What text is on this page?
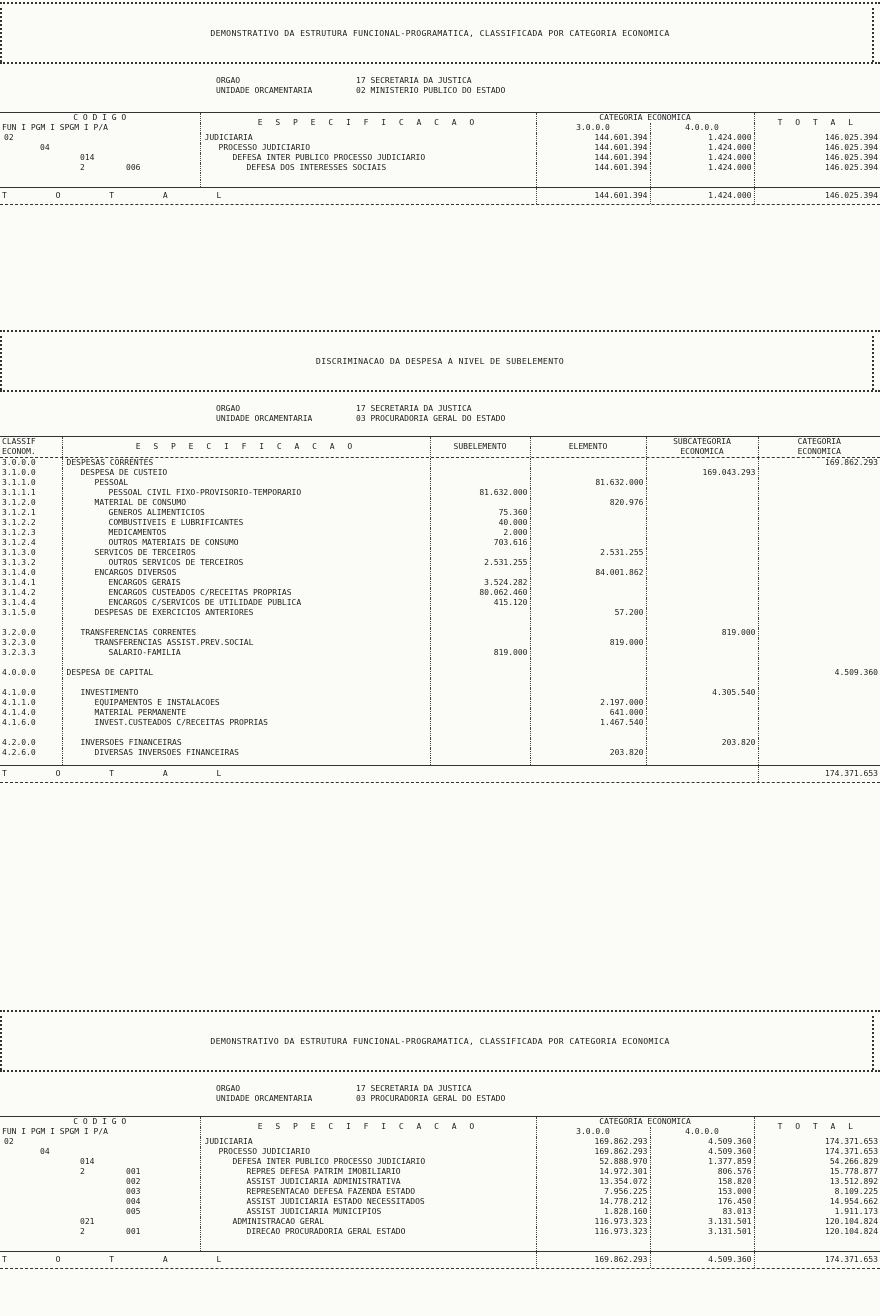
DEMONSTRATIVO DA ESTRUTURA FUNCIONAL-PROGRAMATICA, CLASSIFICADA POR CATEGORIA ECONOMICA
ORGAO
UNIDADE ORCAMENTARIA
17 SECRETARIA DA JUSTICA
02 MINISTERIO PUBLICO DO ESTADO
C O D I G O	E S P E C I F I C A C A O	CATEGORIA ECONOMICA		T O T A L
FUN I PGM I SPGM I P/A		3.0.0.0	4.0.0.0	

02	JUDICIARIA	144.601.394	1.424.000	146.025.394

04	PROCESSO JUDICIARIO	144.601.394	1.424.000	146.025.394

014	DEFESA INTER PUBLICO PROCESSO JUDICIARIO	144.601.394	1.424.000	146.025.394

2 006	DEFESA DOS INTERESSES SOCIAIS	144.601.394	1.424.000	146.025.394

T O T A L	144.601.394	1.424.000	146.025.394
DISCRIMINACAO DA DESPESA A NIVEL DE SUBELEMENTO
ORGAO
UNIDADE ORCAMENTARIA
17 SECRETARIA DA JUSTICA
03 PROCURADORIA GERAL DO ESTADO
CLASSIF	E S P E C I F I C A C A O	SUBELEMENTO	ELEMENTO	SUBCATEGORIA	CATEGORIA
ECONOM.				ECONOMICA	ECONOMICA
3.0.0.0	DESPESAS CORRENTES				169.862.293
3.1.0.0	DESPESA DE CUSTEIO			169.043.293	
3.1.1.0	PESSOAL		81.632.000		
3.1.1.1	PESSOAL CIVIL FIXO-PROVISORIO-TEMPORARIO	81.632.000			
3.1.2.0	MATERIAL DE CONSUMO		820.976		
3.1.2.1	GENEROS ALIMENTICIOS	75.360			
3.1.2.2	COMBUSTIVEIS E LUBRIFICANTES	40.000			
3.1.2.3	MEDICAMENTOS	2.000			
3.1.2.4	OUTROS MATERIAIS DE CONSUMO	703.616			
3.1.3.0	SERVICOS DE TERCEIROS		2.531.255		
3.1.3.2	OUTROS SERVICOS DE TERCEIROS	2.531.255			
3.1.4.0	ENCARGOS DIVERSOS		84.001.862		
3.1.4.1	ENCARGOS GERAIS	3.524.282			
3.1.4.2	ENCARGOS CUSTEADOS C/RECEITAS PROPRIAS	80.062.460			
3.1.4.4	ENCARGOS C/SERVICOS DE UTILIDADE PUBLICA	415.120			
3.1.5.0	DESPESAS DE EXERCICIOS ANTERIORES		57.200		

3.2.0.0	TRANSFERENCIAS CORRENTES			819.000	
3.2.3.0	TRANSFERENCIAS ASSIST.PREV.SOCIAL		819.000		
3.2.3.3	SALARIO-FAMILIA	819.000			

4.0.0.0	DESPESA DE CAPITAL				4.509.360

4.1.0.0	INVESTIMENTO			4.305.540	
4.1.1.0	EQUIPAMENTOS E INSTALACOES		2.197.000		
4.1.4.0	MATERIAL PERMANENTE		641.000		
4.1.6.0	INVEST.CUSTEADOS C/RECEITAS PROPRIAS		1.467.540		

4.2.0.0	INVERSOES FINANCEIRAS			203.820	
4.2.6.0	DIVERSAS INVERSOES FINANCEIRAS		203.820		

T O T A L	174.371.653
DEMONSTRATIVO DA ESTRUTURA FUNCIONAL-PROGRAMATICA, CLASSIFICADA POR CATEGORIA ECONOMICA
ORGAO
UNIDADE ORCAMENTARIA
17 SECRETARIA DA JUSTICA
03 PROCURADORIA GERAL DO ESTADO
C O D I G O	E S P E C I F I C A C A O	CATEGORIA ECONOMICA		T O T A L
FUN I PGM I SPGM I P/A		3.0.0.0	4.0.0.0	

02	JUDICIARIA	169.862.293	4.509.360	174.371.653

04	PROCESSO JUDICIARIO	169.862.293	4.509.360	174.371.653

014	DEFESA INTER PUBLICO PROCESSO JUDICIARIO	52.888.970	1.377.859	54.266.829

2 001	REPRES DEFESA PATRIM IMOBILIARIO	14.972.301	806.576	15.778.877

002	ASSIST JUDICIARIA ADMINISTRATIVA	13.354.072	158.820	13.512.892

003	REPRESENTACAO DEFESA FAZENDA ESTADO	7.956.225	153.000	8.109.225

004	ASSIST JUDICIARIA ESTADO NECESSITADOS	14.778.212	176.450	14.954.662

005	ASSIST JUDICIARIA MUNICIPIOS	1.828.160	83.013	1.911.173

021	ADMINISTRACAO GERAL	116.973.323	3.131.501	120.104.824

2 001	DIRECAO PROCURADORIA GERAL ESTADO	116.973.323	3.131.501	120.104.824

T O T A L	169.862.293	4.509.360	174.371.653
